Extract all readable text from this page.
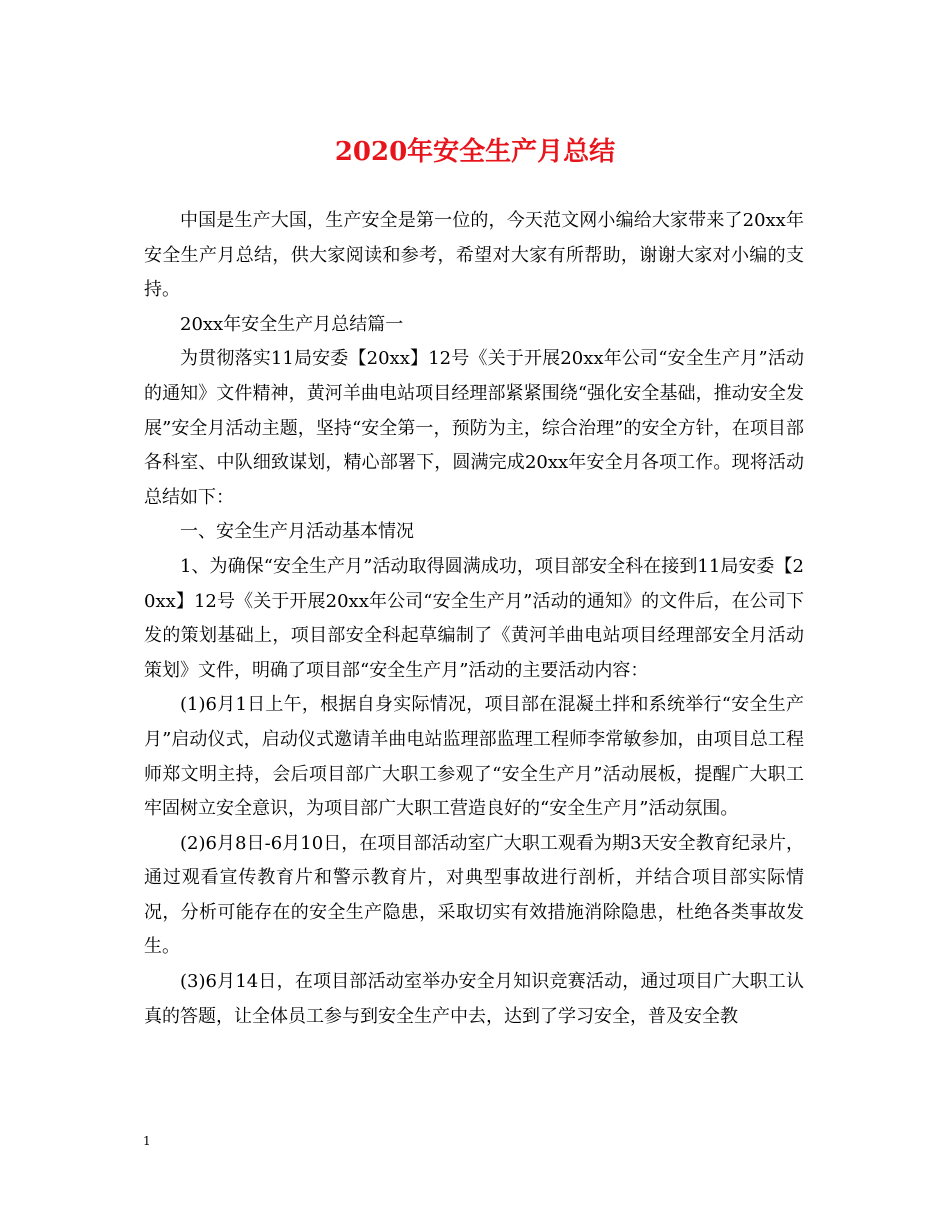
2020年安全生产月总结

中国是生产大国，生产安全是第一位的，今天范文网小编给大家带来了20xx年安全生产月总结，供大家阅读和参考，希望对大家有所帮助，谢谢大家对小编的支持。

20xx年安全生产月总结篇一

为贯彻落实11局安委【20xx】12号《关于开展20xx年公司“安全生产月”活动的通知》文件精神，黄河羊曲电站项目经理部紧紧围绕“强化安全基础，推动安全发展”安全月活动主题，坚持“安全第一，预防为主，综合治理”的安全方针，在项目部各科室、中队细致谋划，精心部署下，圆满完成20xx年安全月各项工作。现将活动总结如下：

一、安全生产月活动基本情况

1、为确保“安全生产月”活动取得圆满成功，项目部安全科在接到11局安委【20xx】12号《关于开展20xx年公司“安全生产月”活动的通知》的文件后，在公司下发的策划基础上，项目部安全科起草编制了《黄河羊曲电站项目经理部安全月活动策划》文件，明确了项目部“安全生产月”活动的主要活动内容：

(1)6月1日上午，根据自身实际情况，项目部在混凝土拌和系统举行“安全生产月”启动仪式，启动仪式邀请羊曲电站监理部监理工程师李常敏参加，由项目总工程师郑文明主持，会后项目部广大职工参观了“安全生产月”活动展板，提醒广大职工牢固树立安全意识，为项目部广大职工营造良好的“安全生产月”活动氛围。

(2)6月8日-6月10日，在项目部活动室广大职工观看为期3天安全教育纪录片，通过观看宣传教育片和警示教育片，对典型事故进行剖析，并结合项目部实际情况，分析可能存在的安全生产隐患，采取切实有效措施消除隐患，杜绝各类事故发生。

(3)6月14日，在项目部活动室举办安全月知识竞赛活动，通过项目广大职工认真的答题，让全体员工参与到安全生产中去，达到了学习安全，普及安全教

1
